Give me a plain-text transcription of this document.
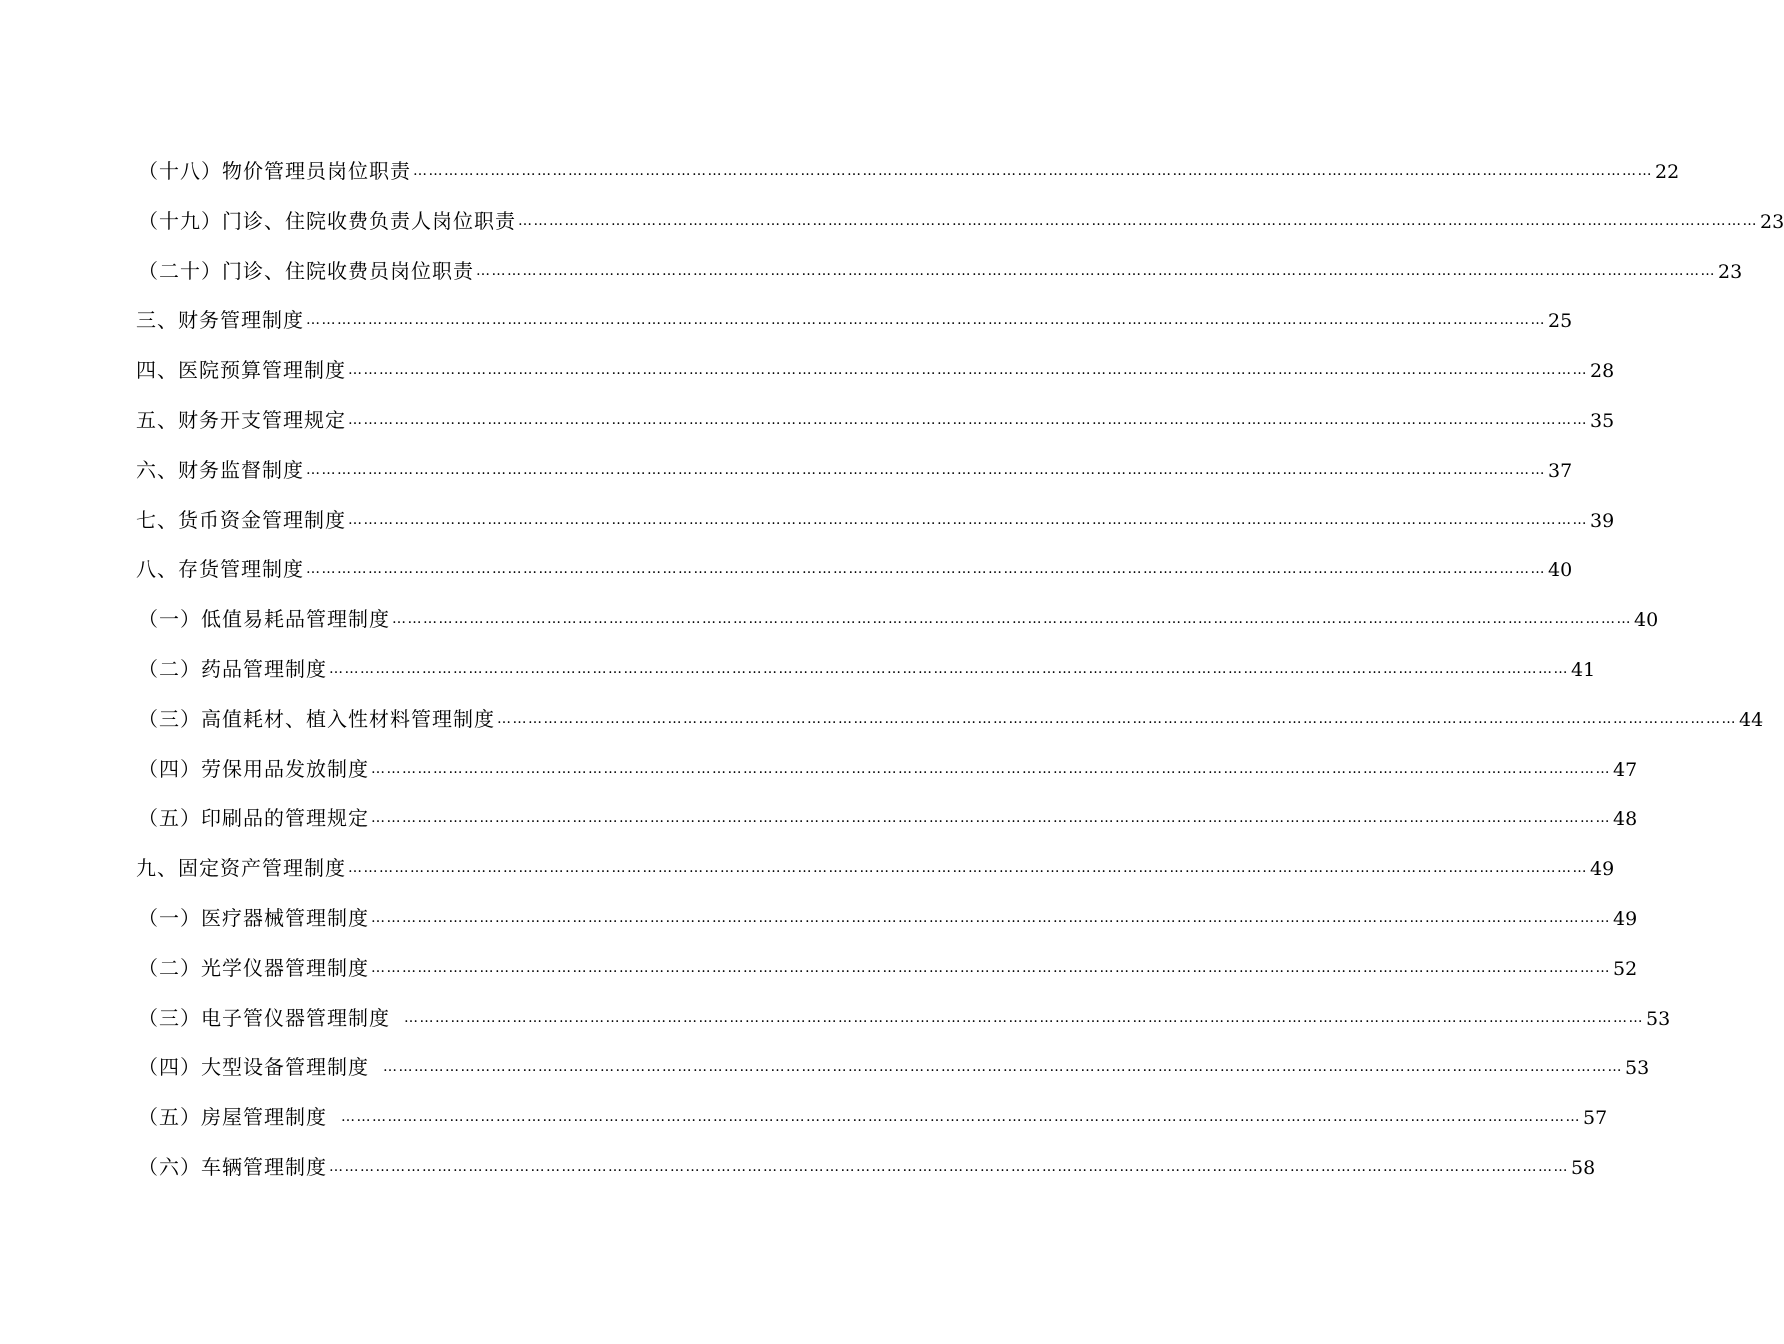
（十八）物价管理员岗位职责 …………………………………………………………………………………………………………………………………………………………………………………………………………………… 22
（十九）门诊、住院收费负责人岗位职责 …………………………………………………………………………………………………………………………………………………………………………………………………………………… 23
（二十）门诊、住院收费员岗位职责 …………………………………………………………………………………………………………………………………………………………………………………………………………………… 23
三、财务管理制度 …………………………………………………………………………………………………………………………………………………………………………………………………………………… 25
四、医院预算管理制度 …………………………………………………………………………………………………………………………………………………………………………………………………………………… 28
五、财务开支管理规定 …………………………………………………………………………………………………………………………………………………………………………………………………………………… 35
六、财务监督制度 …………………………………………………………………………………………………………………………………………………………………………………………………………………… 37
七、货币资金管理制度 …………………………………………………………………………………………………………………………………………………………………………………………………………………… 39
八、存货管理制度 …………………………………………………………………………………………………………………………………………………………………………………………………………………… 40
（一）低值易耗品管理制度 …………………………………………………………………………………………………………………………………………………………………………………………………………………… 40
（二）药品管理制度 …………………………………………………………………………………………………………………………………………………………………………………………………………………… 41
（三）高值耗材、植入性材料管理制度 …………………………………………………………………………………………………………………………………………………………………………………………………………………… 44
（四）劳保用品发放制度 …………………………………………………………………………………………………………………………………………………………………………………………………………………… 47
（五）印刷品的管理规定 …………………………………………………………………………………………………………………………………………………………………………………………………………………… 48
九、固定资产管理制度 …………………………………………………………………………………………………………………………………………………………………………………………………………………… 49
（一）医疗器械管理制度 …………………………………………………………………………………………………………………………………………………………………………………………………………………… 49
（二）光学仪器管理制度 …………………………………………………………………………………………………………………………………………………………………………………………………………………… 52
（三）电子管仪器管理制度 …………………………………………………………………………………………………………………………………………………………………………………………………………………… 53
（四）大型设备管理制度 …………………………………………………………………………………………………………………………………………………………………………………………………………………… 53
（五）房屋管理制度 …………………………………………………………………………………………………………………………………………………………………………………………………………………… 57
（六）车辆管理制度 …………………………………………………………………………………………………………………………………………………………………………………………………………………… 58
